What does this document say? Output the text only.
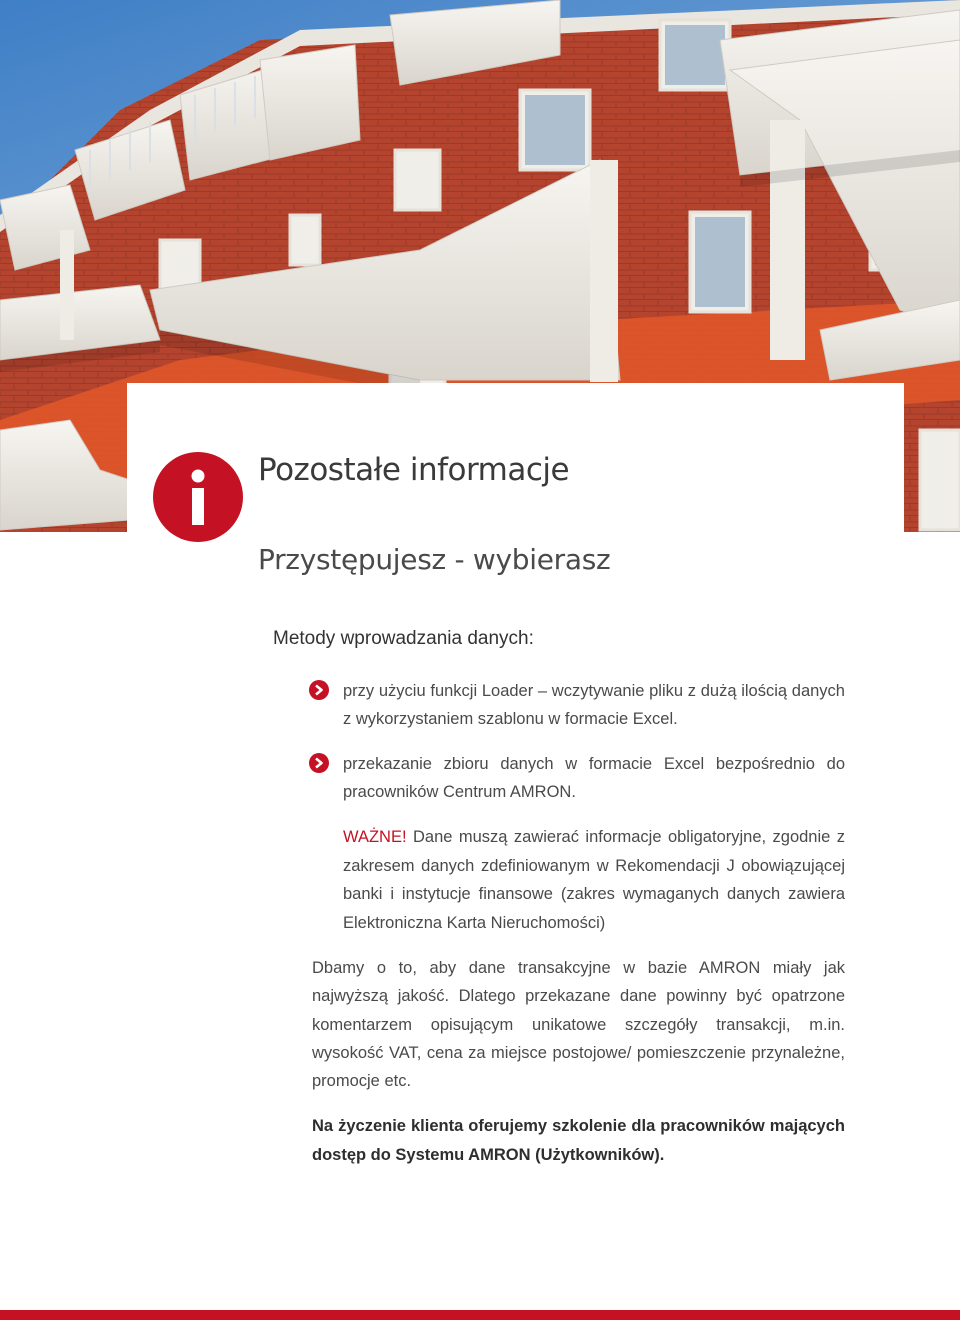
Pozostałe informacje
Przystępujesz - wybierasz
Metody wprowadzania danych:

przy użyciu funkcji Loader – wczytywanie pliku z dużą ilością danych z wykorzystaniem szablonu w formacie Excel.

przekazanie zbioru danych w formacie Excel bezpośrednio do pracowników Centrum AMRON.

WAŻNE! Dane muszą zawierać informacje obligatoryjne, zgodnie z zakresem danych zdefiniowanym w Rekomendacji J obowiązującej banki i instytucje finansowe (zakres wymaganych danych zawiera Elektroniczna Karta Nieruchomości)

Dbamy o to, aby dane transakcyjne w bazie AMRON miały jak najwyższą jakość. Dlatego przekazane dane powinny być opatrzone komentarzem opisującym unikatowe szczegóły transakcji, m.in. wysokość VAT, cena za miejsce postojowe/ pomieszczenie przynależne, promocje etc.

Na życzenie klienta oferujemy szkolenie dla pracowników mających dostęp do Systemu AMRON (Użytkowników).
